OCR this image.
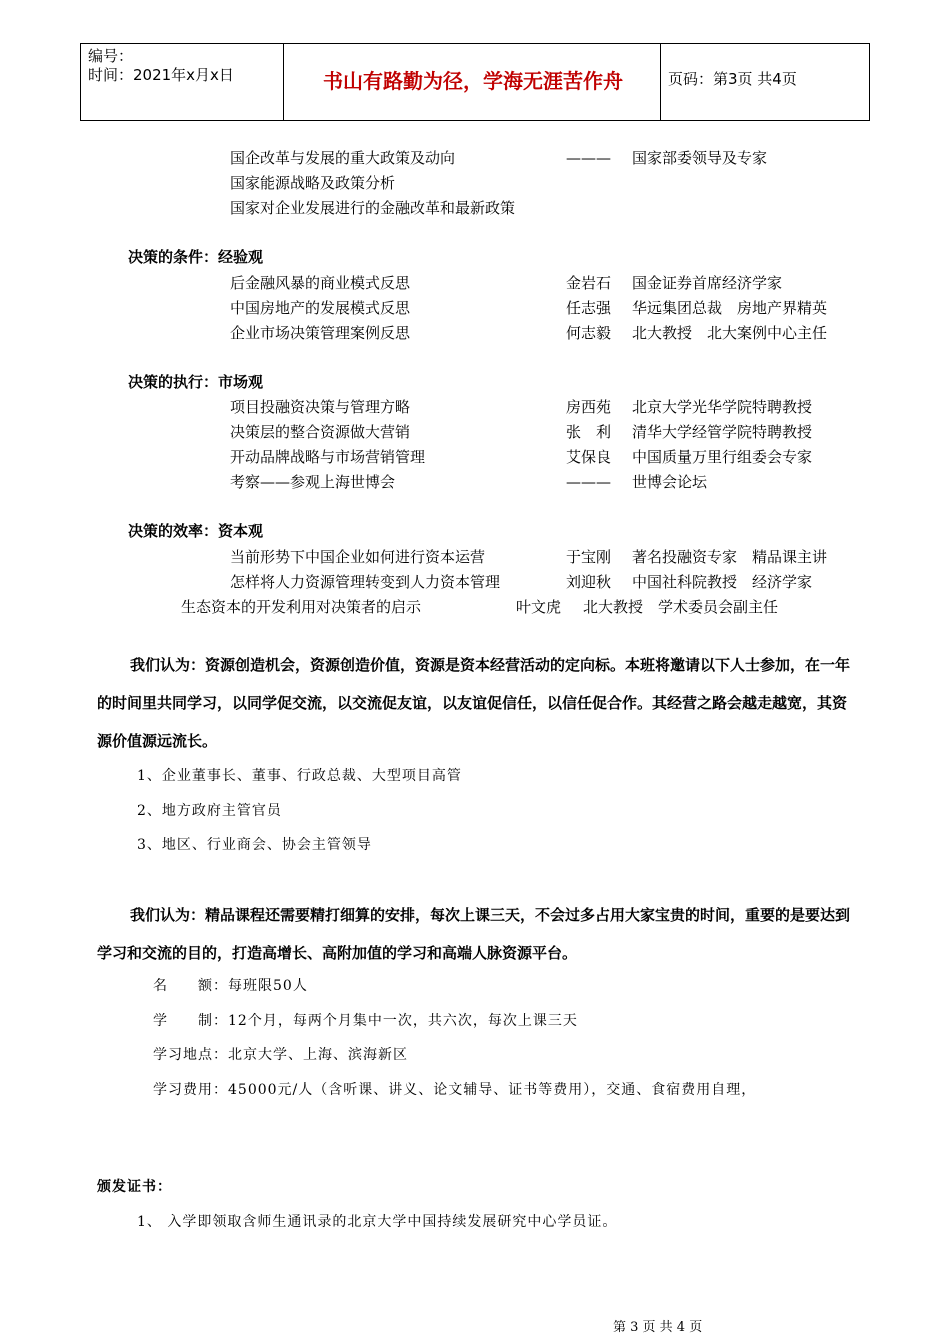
编号：
时间：2021年x月x日	书山有路勤为径，学海无涯苦作舟	页码：第3页 共4页
国企改革与发展的重大政策及动向	——— 国家部委领导及专家
国家能源战略及政策分析
国家对企业发展进行的金融改革和最新政策
决策的条件：经验观
后金融风暴的商业模式反思	金岩石 国金证券首席经济学家
中国房地产的发展模式反思	任志强 华远集团总裁　房地产界精英
企业市场决策管理案例反思	何志毅 北大教授　北大案例中心主任
决策的执行：市场观
项目投融资决策与管理方略	房西苑 北京大学光华学院特聘教授
决策层的整合资源做大营销	张　利 清华大学经管学院特聘教授
开动品牌战略与市场营销管理	艾保良 中国质量万里行组委会专家
考察——参观上海世博会	——— 世博会论坛
决策的效率：资本观
当前形势下中国企业如何进行资本运营	于宝刚 著名投融资专家　精品课主讲
怎样将人力资源管理转变到人力资本管理	刘迎秋 中国社科院教授　经济学家
生态资本的开发利用对决策者的启示	叶文虎 北大教授　学术委员会副主任

我们认为：资源创造机会，资源创造价值，资源是资本经营活动的定向标。本班将邀请以下人士参加，在一年的时间里共同学习，以同学促交流，以交流促友谊，以友谊促信任，以信任促合作。其经营之路会越走越宽，其资源价值源远流长。

1、企业董事长、董事、行政总裁、大型项目高管
2、地方政府主管官员
3、地区、行业商会、协会主管领导

我们认为：精品课程还需要精打细算的安排，每次上课三天，不会过多占用大家宝贵的时间，重要的是要达到学习和交流的目的，打造高增长、高附加值的学习和高端人脉资源平台。

名　　额：每班限50人
学　　制：12个月，每两个月集中一次，共六次，每次上课三天
学习地点：北京大学、上海、滨海新区
学习费用：45000元/人（含听课、讲义、论文辅导、证书等费用），交通、食宿费用自理，
颁发证书：
1、 入学即领取含师生通讯录的北京大学中国持续发展研究中心学员证。
第 3 页 共 4 页
